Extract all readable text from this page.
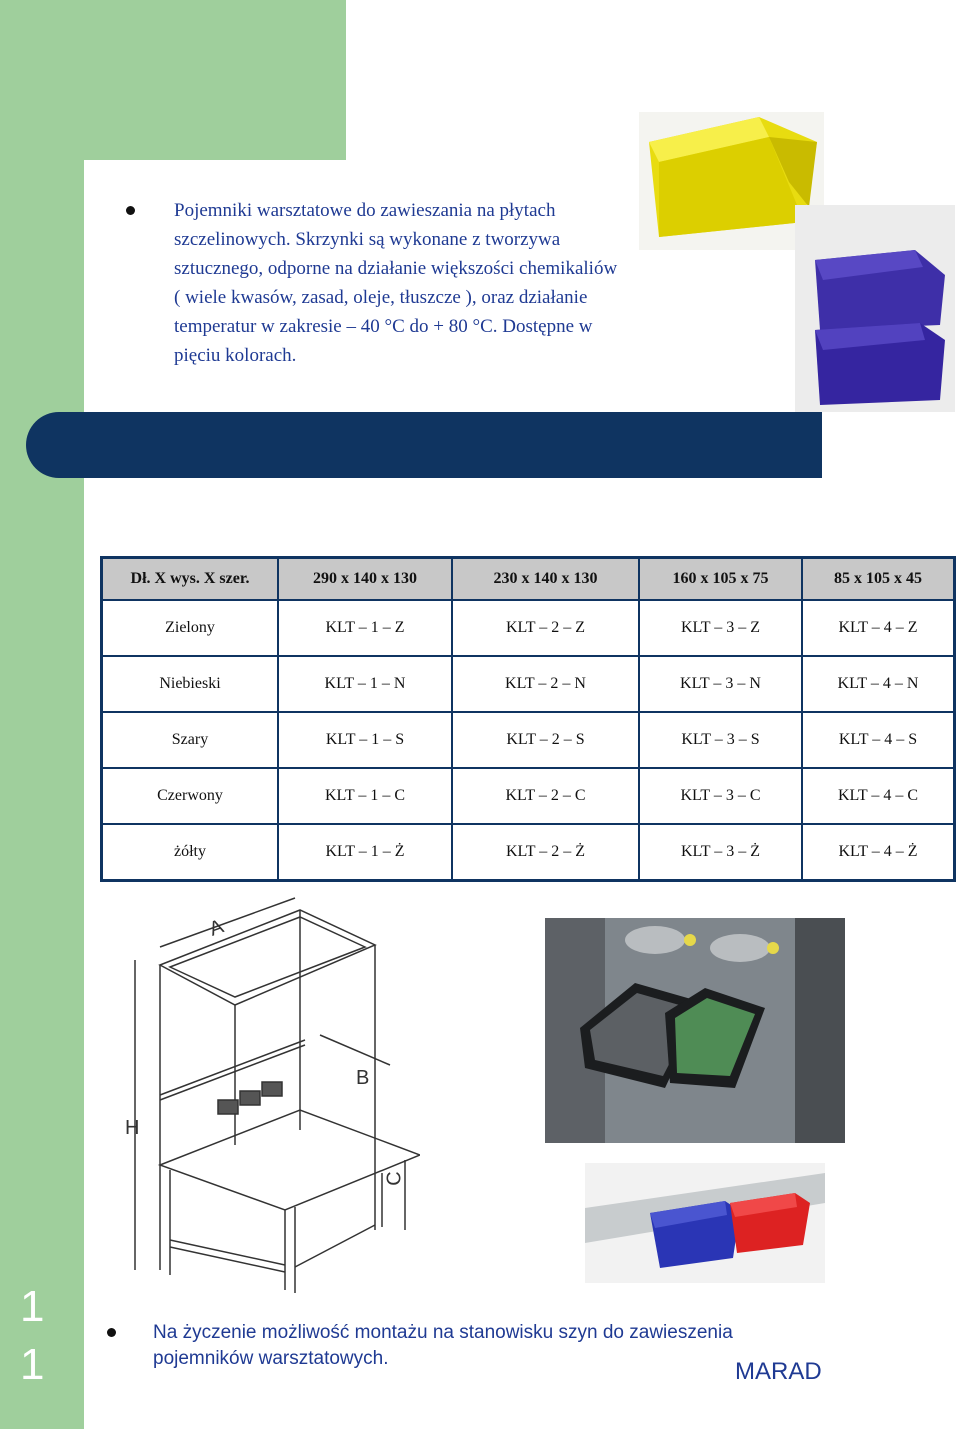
Pojemniki warsztatowe do zawieszania na płytach szczelinowych. Skrzynki są wykonane z tworzywa sztucznego, odporne na działanie większości chemikaliów ( wiele kwasów, zasad, oleje, tłuszcze ), oraz działanie temperatur w zakresie – 40 °C do + 80 °C. Dostępne w pięciu kolorach.
Dł. X wys. X szer.	290 x 140 x 130	230 x 140 x 130	160 x 105 x 75	85 x 105 x 45
Zielony	KLT – 1 – Z	KLT – 2 – Z	KLT – 3 – Z	KLT – 4 – Z
Niebieski	KLT – 1 – N	KLT – 2 – N	KLT – 3 – N	KLT – 4 – N
Szary	KLT – 1 – S	KLT – 2 – S	KLT – 3 – S	KLT – 4 – S
Czerwony	KLT – 1 – C	KLT – 2 – C	KLT – 3 – C	KLT – 4 – C
żółty	KLT – 1 – Ż	KLT – 2 – Ż	KLT – 3 – Ż	KLT – 4 – Ż
A
B
C
H
1
1
Na życzenie możliwość montażu na stanowisku szyn do zawieszenia pojemników warsztatowych.	MARAD
